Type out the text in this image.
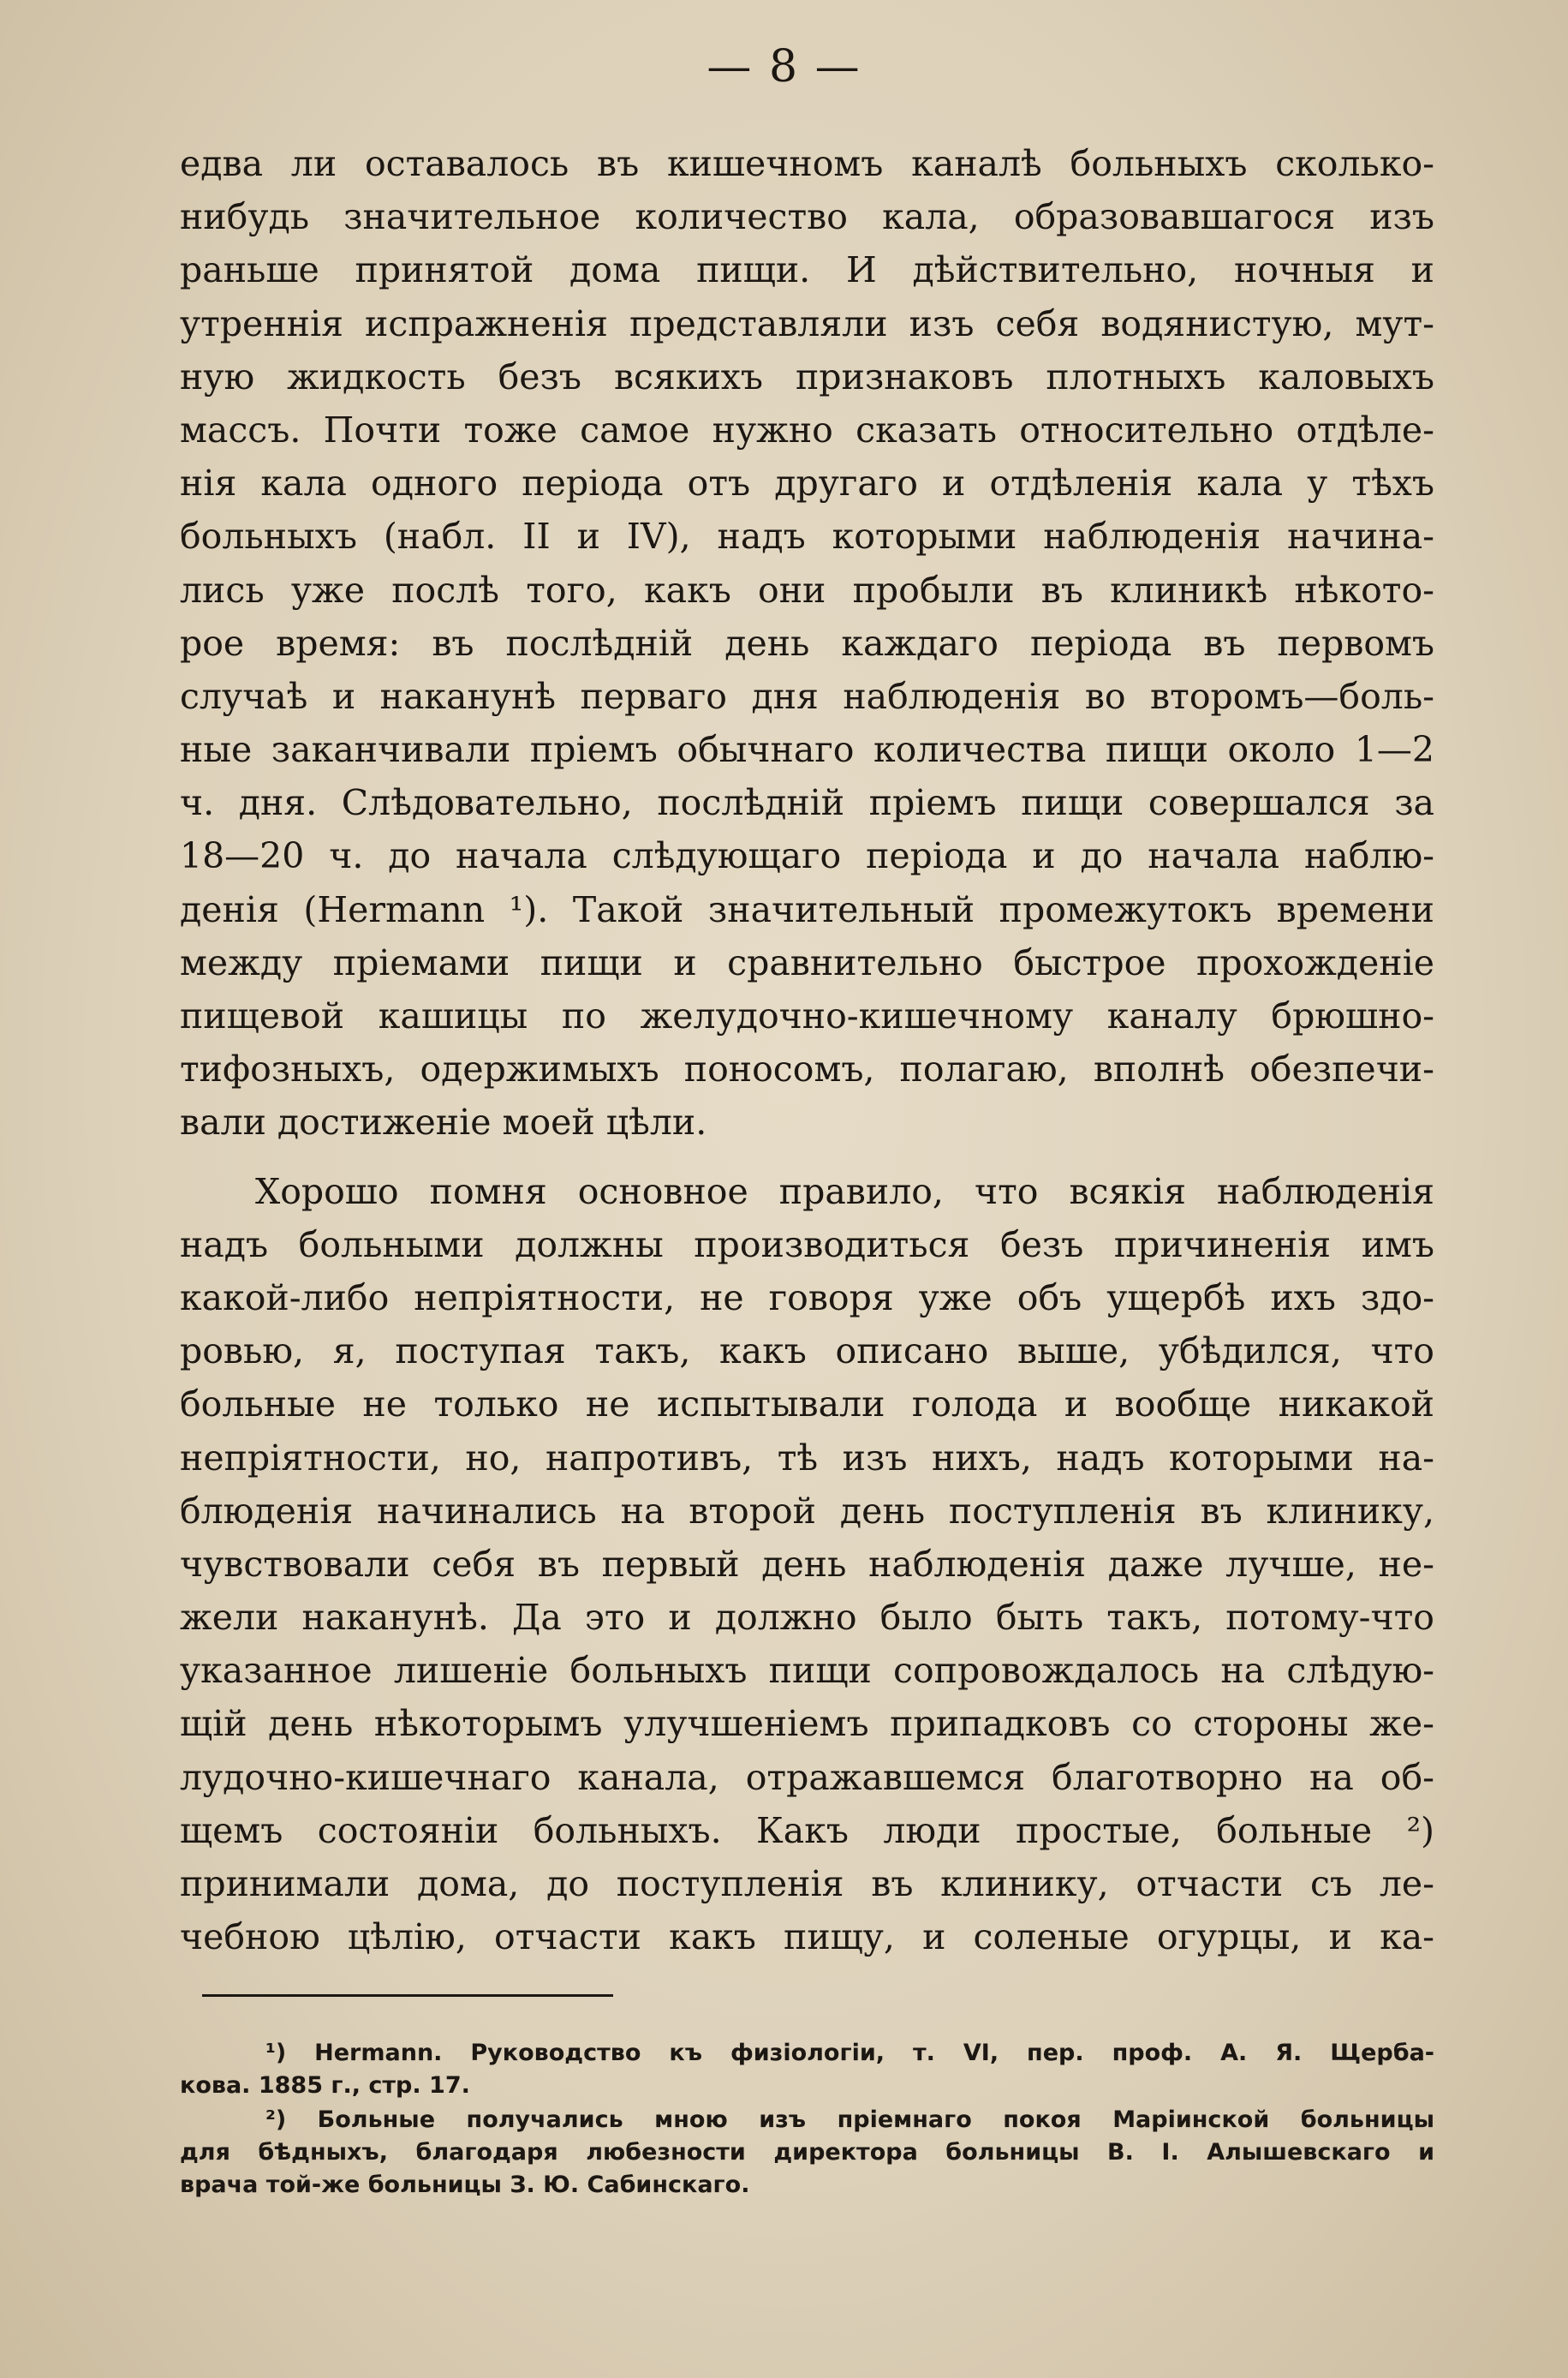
— 8 —
едва ли оставалось въ кишечномъ каналѣ больныхъ сколько-
нибудь значительное количество кала, образовавшагося изъ
раньше принятой дома пищи. И дѣйствительно, ночныя и
утреннія испражненія представляли изъ себя водянистую, мут-
ную жидкость безъ всякихъ признаковъ плотныхъ каловыхъ
массъ. Почти тоже самое нужно сказать относительно отдѣле-
нія кала одного періода отъ другаго и отдѣленія кала у тѣхъ
больныхъ (набл. II и IV), надъ которыми наблюденія начина-
лись уже послѣ того, какъ они пробыли въ клиникѣ нѣкото-
рое время: въ послѣдній день каждаго періода въ первомъ
случаѣ и наканунѣ перваго дня наблюденія во второмъ—боль-
ные заканчивали пріемъ обычнаго количества пищи около 1—2
ч. дня. Слѣдовательно, послѣдній пріемъ пищи совершался за
18—20 ч. до начала слѣдующаго періода и до начала наблю-
денія (Hermann ¹). Такой значительный промежутокъ времени
между пріемами пищи и сравнительно быстрое прохожденіе
пищевой кашицы по желудочно-кишечному каналу брюшно-
тифозныхъ, одержимыхъ поносомъ, полагаю, вполнѣ обезпечи-
вали достиженіе моей цѣли.
Хорошо помня основное правило, что всякія наблюденія
надъ больными должны производиться безъ причиненія имъ
какой-либо непріятности, не говоря уже объ ущербѣ ихъ здо-
ровью, я, поступая такъ, какъ описано выше, убѣдился, что
больные не только не испытывали голода и вообще никакой
непріятности, но, напротивъ, тѣ изъ нихъ, надъ которыми на-
блюденія начинались на второй день поступленія въ клинику,
чувствовали себя въ первый день наблюденія даже лучше, не-
жели наканунѣ. Да это и должно было быть такъ, потому-что
указанное лишеніе больныхъ пищи сопровождалось на слѣдую-
щій день нѣкоторымъ улучшеніемъ припадковъ со стороны же-
лудочно-кишечнаго канала, отражавшемся благотворно на об-
щемъ состояніи больныхъ. Какъ люди простые, больные ²)
принимали дома, до поступленія въ клинику, отчасти съ ле-
чебною цѣлію, отчасти какъ пищу, и соленые огурцы, и ка-
¹) Hermann. Руководство къ физіологіи, т. VI, пер. проф. А. Я. Щерба-
кова. 1885 г., стр. 17.
²) Больные получались мною изъ пріемнаго покоя Маріинской больницы
для бѣдныхъ, благодаря любезности директора больницы В. I. Алышевскаго и
врача той-же больницы З. Ю. Сабинскаго.
